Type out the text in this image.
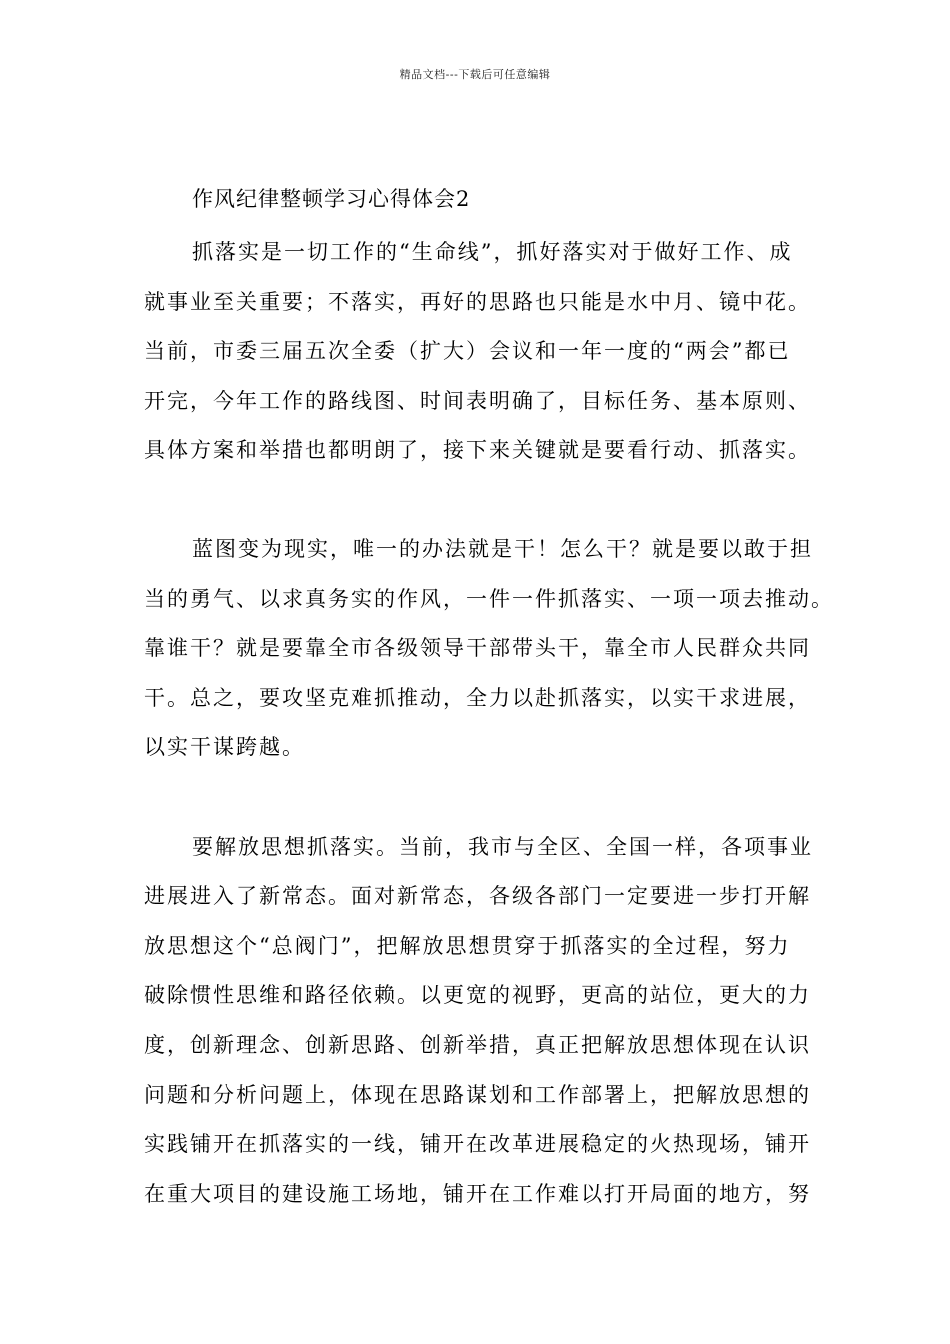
精品文档---下载后可任意编辑
作风纪律整顿学习心得体会2
抓落实是一切工作的“生命线”，抓好落实对于做好工作、成
就事业至关重要；不落实，再好的思路也只能是水中月、镜中花。
当前，市委三届五次全委（扩大）会议和一年一度的“两会”都已
开完，今年工作的路线图、时间表明确了，目标任务、基本原则、
具体方案和举措也都明朗了，接下来关键就是要看行动、抓落实。
蓝图变为现实，唯一的办法就是干！怎么干？就是要以敢于担
当的勇气、以求真务实的作风，一件一件抓落实、一项一项去推动。
靠谁干？就是要靠全市各级领导干部带头干，靠全市人民群众共同
干。总之，要攻坚克难抓推动，全力以赴抓落实，以实干求进展，
以实干谋跨越。
要解放思想抓落实。当前，我市与全区、全国一样，各项事业
进展进入了新常态。面对新常态，各级各部门一定要进一步打开解
放思想这个“总阀门”，把解放思想贯穿于抓落实的全过程，努力
破除惯性思维和路径依赖。以更宽的视野，更高的站位，更大的力
度，创新理念、创新思路、创新举措，真正把解放思想体现在认识
问题和分析问题上，体现在思路谋划和工作部署上，把解放思想的
实践铺开在抓落实的一线，铺开在改革进展稳定的火热现场，铺开
在重大项目的建设施工场地，铺开在工作难以打开局面的地方，努
